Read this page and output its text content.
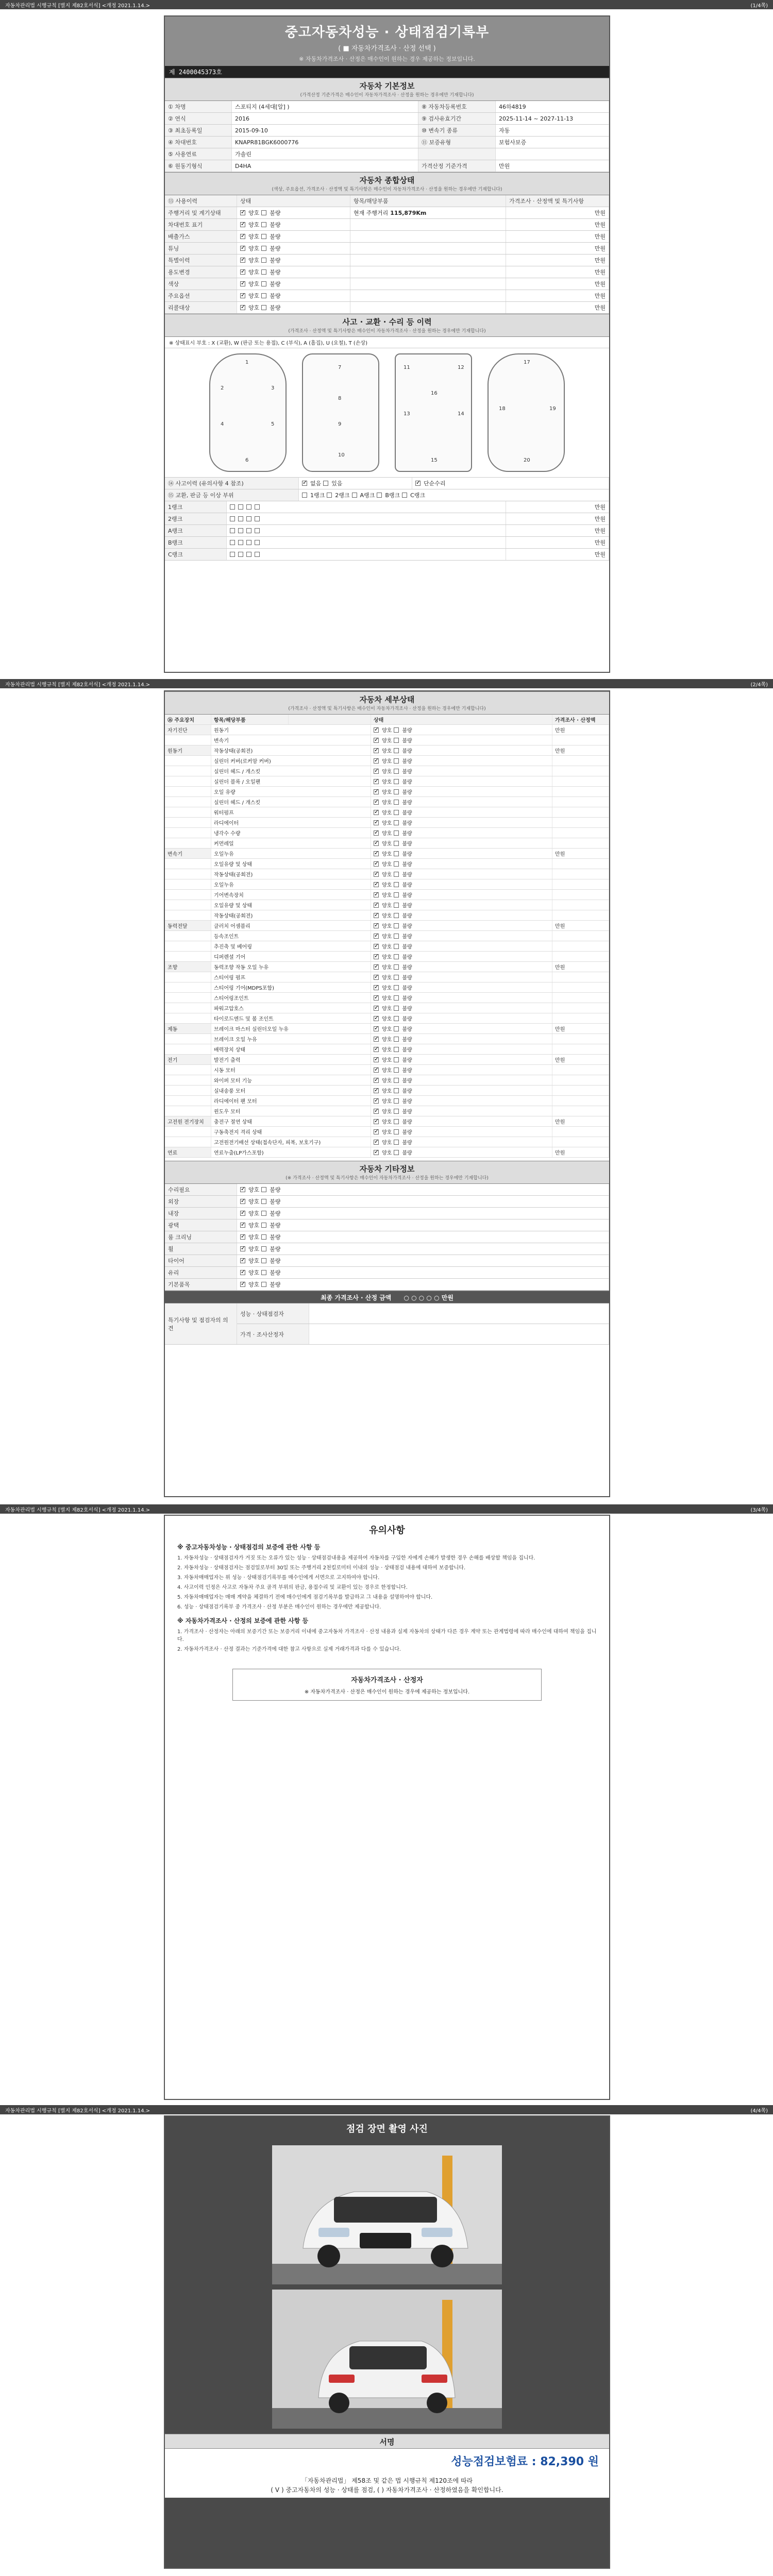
자동차관리법 시행규칙 [별지 제82호서식] <개정 2021.1.14.>	(1/4쪽)
중고자동차성능 · 상태점검기록부
( ■ 자동차가격조사 · 산정 선택 )
※ 자동차가격조사 · 산정은 매수인이 원하는 경우 제공하는 정보입니다.
제 2400045373호
자동차 기본정보
(가격산정 기준가격은 매수인이 자동차가격조사 · 산정을 원하는 경우에만 기재합니다)
① 차명	스포티지 (4세대[알] )	⑧ 자동차등록번호	46하4819
② 연식	2016	⑨ 검사유효기간	2025-11-14 ~ 2027-11-13
③ 최초등록일	2015-09-10	⑩ 변속기 종류	자동
④ 차대번호	KNAPR81BGK6000776	⑪ 보증유형	보험사보증
⑤ 사용연료	가솔린
⑥ 원동기형식	D4HA	가격산정 기준가격	만원
자동차 종합상태
(색상, 주요옵션, 가격조사 · 산정액 및 특기사항은 매수인이 자동차가격조사 · 산정을 원하는 경우에만 기재합니다)
⑬ 사용이력	상태	항목/해당부품	가격조사 · 산정액 및 특기사항
주행거리 및 계기상태 ✓	양호 불량	현재 주행거리 115,879Km	만원
차대번호 표기 ✓	양호 불량	만원
배출가스 ✓	양호 불량	만원
튜닝 ✓	양호 불량	만원
특별이력 ✓	양호 불량	만원
용도변경 ✓	양호 불량	만원
색상 ✓	양호 불량	만원
주요옵션 ✓	양호 불량	만원
리콜대상 ✓	양호 불량	만원
사고 · 교환 · 수리 등 이력
(가격조사 · 산정액 및 특기사항은 매수인이 자동차가격조사 · 산정을 원하는 경우에만 기재합니다)
※ 상태표시 부호 : X (교환), W (판금 또는 용접), C (부식), A (흠집), U (요철), T (손상)
1
2	3
4	5
6
7
8
9
10
11	12
13	14
16
15
17
18	19
20
⑭ 사고이력 (유의사항 4 참조) ✓	없음 있음 ✓	단순수리
⑮ 교환, 판금 등 이상 부위	1랭크 2랭크 A랭크 B랭크 C랭크
1랭크	만원
2랭크	만원
A랭크	만원
B랭크	만원
C랭크	만원
자동차관리법 시행규칙 [별지 제82호서식] <개정 2021.1.14.>	(2/4쪽)
자동차 세부상태
(가격조사 · 산정액 및 특기사항은 매수인이 자동차가격조사 · 산정을 원하는 경우에만 기재합니다)
⑯ 주요장치	항목/해당부품	상태	가격조사 · 산정액
자기진단	원동기 ✓	양호 불량	만원
변속기 ✓	양호 불량
원동기	작동상태(공회전) ✓	양호 불량	만원
실린더 커버(로커암 커버) ✓	양호 불량
실린더 헤드 / 개스킷 ✓	양호 불량
실린더 블록 / 오일팬 ✓	양호 불량
오일 유량 ✓	양호 불량
실린더 헤드 / 개스킷 ✓	양호 불량
워터펌프 ✓	양호 불량
라디에이터 ✓	양호 불량
냉각수 수량 ✓	양호 불량
커먼레일 ✓	양호 불량
변속기	오일누유 ✓	양호 불량	만원
오일유량 및 상태 ✓	양호 불량
작동상태(공회전) ✓	양호 불량
오일누유 ✓	양호 불량
기어변속장치 ✓	양호 불량
오일유량 및 상태 ✓	양호 불량
작동상태(공회전) ✓	양호 불량
동력전달	클러치 어셈블리 ✓	양호 불량	만원
등속조인트 ✓	양호 불량
추진축 및 베어링 ✓	양호 불량
디퍼렌셜 기어 ✓	양호 불량
조향	동력조향 작동 오일 누유 ✓	양호 불량	만원
스티어링 펌프 ✓	양호 불량
스티어링 기어(MDPS포함) ✓	양호 불량
스티어링조인트 ✓	양호 불량
파워고압호스 ✓	양호 불량
타이로드엔드 및 볼 조인트 ✓	양호 불량
제동	브레이크 마스터 실린더오일 누유 ✓	양호 불량	만원
브레이크 오일 누유 ✓	양호 불량
배력장치 상태 ✓	양호 불량
전기	발전기 출력 ✓	양호 불량	만원
시동 모터 ✓	양호 불량
와이퍼 모터 기능 ✓	양호 불량
실내송풍 모터 ✓	양호 불량
라디에이터 팬 모터 ✓	양호 불량
윈도우 모터 ✓	양호 불량
고전원 전기장치	충전구 절연 상태 ✓	양호 불량	만원
구동축전지 격리 상태 ✓	양호 불량
고전원전기배선 상태(접속단자, 피복, 보호기구) ✓	양호 불량
연료	연료누출(LP가스포함) ✓	양호 불량	만원
자동차 기타정보
(※ 가격조사 · 산정액 및 특기사항은 매수인이 자동차가격조사 · 산정을 원하는 경우에만 기재합니다)
수리필요 ✓	양호 불량
외장 ✓	양호 불량
내장 ✓	양호 불량
광택 ✓	양호 불량
룸 크리닝 ✓	양호 불량
휠 ✓	양호 불량
타이어 ✓	양호 불량
유리 ✓	양호 불량
기본품목 ✓	양호 불량
최종 가격조사 · 산정 금액 ○ ○ ○ ○ ○ 만원
특기사항 및 점검자의 의견
성능 · 상태점검자
가격 · 조사산정자
자동차관리법 시행규칙 [별지 제82호서식] <개정 2021.1.14.>	(3/4쪽)
유의사항
※ 중고자동차성능 · 상태점검의 보증에 관한 사항 등
1. 자동차성능 · 상태점검자가 거짓 또는 오류가 있는 성능 · 상태점검내용을 제공하여 자동차를 구입한 자에게 손해가 발생한 경우 손해를 배상할 책임을 집니다.
2. 자동차성능 · 상태점검자는 점검일로부터 30일 또는 주행거리 2천킬로미터 이내의 성능 · 상태점검 내용에 대하여 보증합니다.
3. 자동차매매업자는 위 성능 · 상태점검기록부를 매수인에게 서면으로 고지하여야 합니다.
4. 사고이력 인정은 사고로 자동차 주요 골격 부위의 판금, 용접수리 및 교환이 있는 경우로 한정합니다.
5. 자동차매매업자는 매매 계약을 체결하기 전에 매수인에게 점검기록부를 발급하고 그 내용을 설명하여야 합니다.
6. 성능 · 상태점검기록부 중 가격조사 · 산정 부분은 매수인이 원하는 경우에만 제공합니다.
※ 자동차가격조사 · 산정의 보증에 관한 사항 등
1. 가격조사 · 산정자는 아래의 보증기간 또는 보증거리 이내에 중고자동차 가격조사 · 산정 내용과 실제 자동차의 상태가 다른 경우 계약 또는 관계법령에 따라 매수인에 대하여 책임을 집니다.
2. 자동차가격조사 · 산정 결과는 기준가격에 대한 참고 사항으로 실제 거래가격과 다를 수 있습니다.
자동차가격조사 · 산정자
※ 자동차가격조사 · 산정은 매수인이 원하는 경우에 제공하는 정보입니다.
자동차관리법 시행규칙 [별지 제82호서식] <개정 2021.1.14.>	(4/4쪽)
점검 장면 촬영 사진
서명
성능점검보험료 : 82,390 원
「자동차관리법」 제58조 및 같은 법 시행규칙 제120조에 따라
( V ) 중고자동차의 성능 · 상태를 점검, ( ) 자동차가격조사 · 산정하였음을 확인합니다.
